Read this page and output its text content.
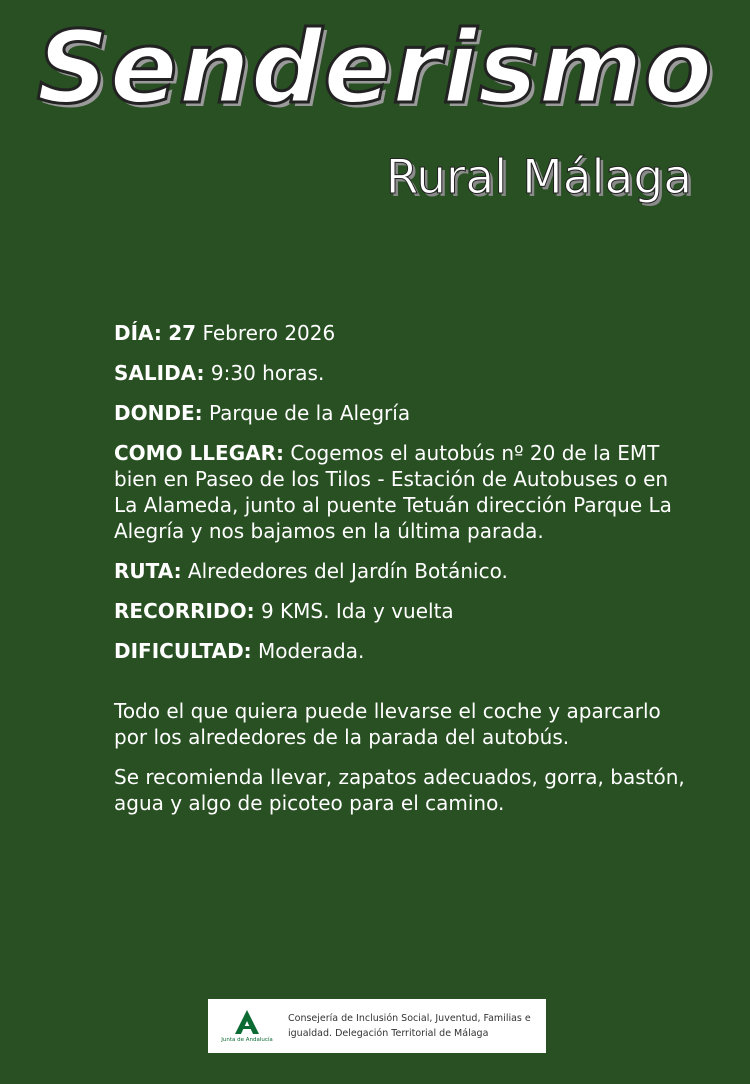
Senderismo
Rural Málaga

DÍA: 27 Febrero 2026

SALIDA: 9:30 horas.

DONDE: Parque de la Alegría

COMO LLEGAR: Cogemos el autobús nº 20 de la EMT bien en Paseo de los Tilos - Estación de Autobuses o en La Alameda, junto al puente Tetuán dirección Parque La Alegría y nos bajamos en la última parada.

RUTA: Alrededores del Jardín Botánico.

RECORRIDO: 9 KMS. Ida y vuelta

DIFICULTAD: Moderada.

Todo el que quiera puede llevarse el coche y aparcarlo por los alrededores de la parada del autobús.

Se recomienda llevar, zapatos adecuados, gorra, bastón, agua y algo de picoteo para el camino.

Junta de Andalucía
Consejería de Inclusión Social, Juventud, Familias e
igualdad. Delegación Territorial de Málaga
